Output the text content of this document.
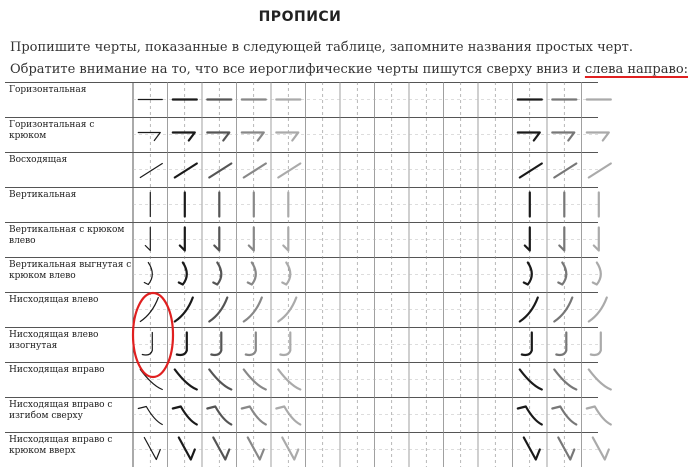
ПРОПИСИ

Пропишите черты, показанные в следующей таблице, запомните названия простых черт.

Обратите внимание на то, что все иероглифические черты пишутся сверху вниз и слева направо:

Горизонтальная
Горизонтальная с крюком
Восходящая
Вертикальная
Вертикальная с крюком влево
Вертикальная выгнутая с крюком влево
Нисходящая влево
Нисходящая влево изогнутая
Нисходящая вправо
Нисходящая вправо с изгибом сверху
Нисходящая вправо с крюком вверх
